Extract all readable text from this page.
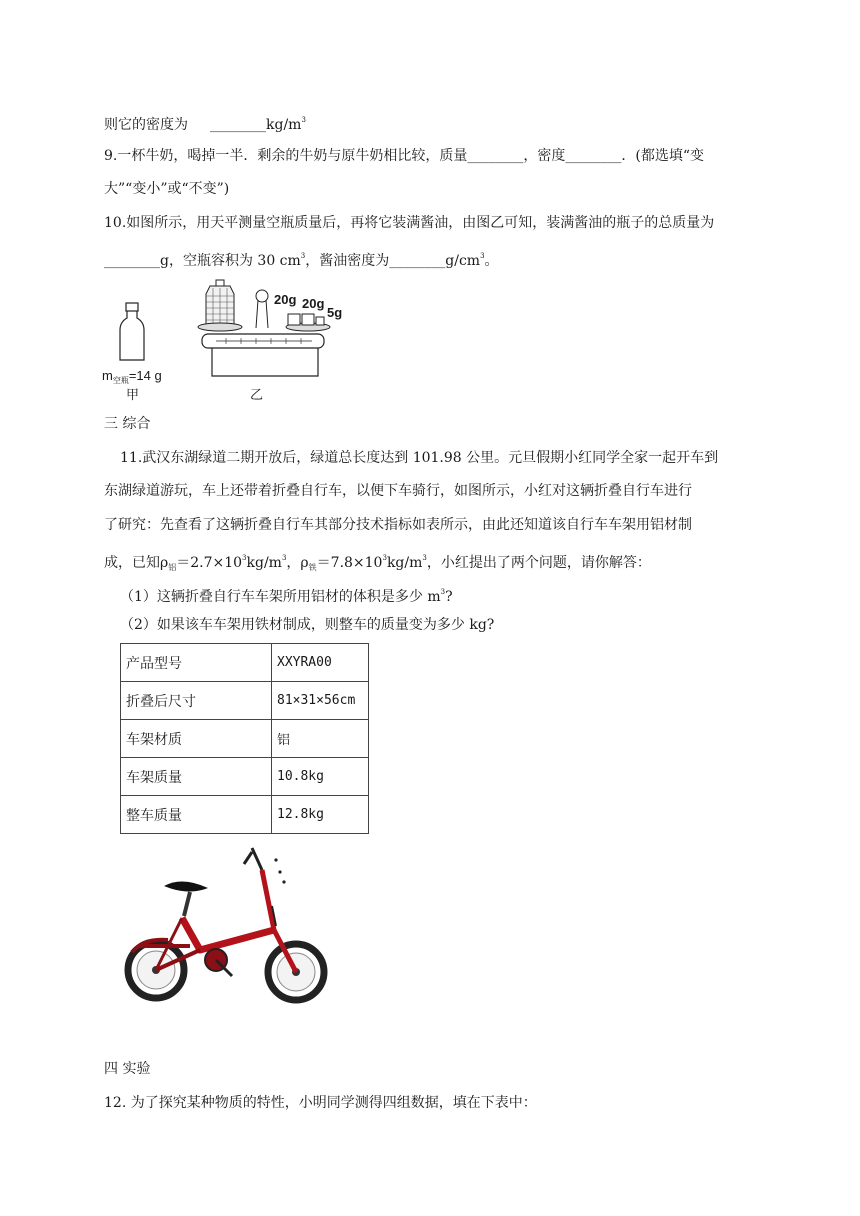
则它的密度为 $\_\_\_\_\_\_\_\_kg/m^3$
9.一杯牛奶，喝掉一半．剩余的牛奶与原牛奶相比较，质量________，密度________．(都选填“变
大”“变小”或“不变”)
10.如图所示，用天平测量空瓶质量后，再将它装满酱油，由图乙可知，装满酱油的瓶子的总质量为
________g，空瓶容积为 30 $cm^3$，酱油密度为$\_\_\_\_\_\_\_\_g/cm^3$。
$m_{空瓶}=14$ g
甲
20g 20g
5g
乙
三 综合
11.武汉东湖绿道二期开放后，绿道总长度达到 101.98 公里。元旦假期小红同学全家一起开车到
东湖绿道游玩，车上还带着折叠自行车，以便下车骑行，如图所示，小红对这辆折叠自行车进行
了研究：先查看了这辆折叠自行车其部分技术指标如表所示，由此还知道该自行车车架用铝材制
成，已知$\rho_铝=2.7\times 10^3kg/m^3$，$\rho_铁=7.8\times 10^3kg/m^3$，小红提出了两个问题，请你解答：
（1）这辆折叠自行车车架所用铝材的体积是多少 $m^3$?
（2）如果该车车架用铁材制成，则整车的质量变为多少 kg?
产品型号	XXYRA00
折叠后尺寸	81×31×56cm
车架材质	铝
车架质量	10.8kg
整车质量	12.8kg
四 实验
12. 为了探究某种物质的特性，小明同学测得四组数据，填在下表中：
